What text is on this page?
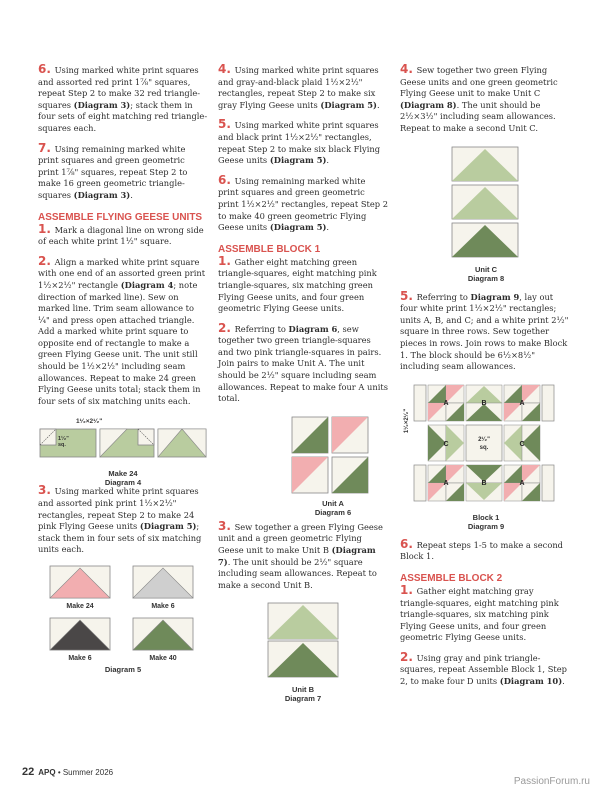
6. Using marked white print squares and assorted red print 1⁷⁄₈" squares, repeat Step 2 to make 32 red triangle-squares (Diagram 3); stack them in four sets of eight matching red triangle-squares each.

7. Using remaining marked white print squares and green geometric print 1⁷⁄₈" squares, repeat Step 2 to make 16 green geometric triangle-squares (Diagram 3).

ASSEMBLE FLYING GEESE UNITS

1. Mark a diagonal line on wrong side of each white print 1¹⁄₂" square.

2. Align a marked white print square with one end of an assorted green print 1¹⁄₂×2¹⁄₂" rectangle (Diagram 4; note direction of marked line). Sew on marked line. Trim seam allowance to ¹⁄₄" and press open attached triangle. Add a marked white print square to opposite end of rectangle to make a green Flying Geese unit. The unit still should be 1¹⁄₂×2¹⁄₂" including seam allowances. Repeat to make 24 green Flying Geese units total; stack them in four sets of six matching units each.

1¹⁄₂×2¹⁄₂"
1¹⁄₂"
sq.
Make 24
Diagram 4

3. Using marked white print squares and assorted pink print 1¹⁄₂×2¹⁄₂" rectangles, repeat Step 2 to make 24 pink Flying Geese units (Diagram 5); stack them in four sets of six matching units each.

Make 24	Make 6
Make 6	Make 40
Diagram 5

4. Using marked white print squares and gray-and-black plaid 1¹⁄₂×2¹⁄₂" rectangles, repeat Step 2 to make six gray Flying Geese units (Diagram 5).

5. Using marked white print squares and black print 1¹⁄₂×2¹⁄₂" rectangles, repeat Step 2 to make six black Flying Geese units (Diagram 5).

6. Using remaining marked white print squares and green geometric print 1¹⁄₂×2¹⁄₂" rectangles, repeat Step 2 to make 40 green geometric Flying Geese units (Diagram 5).

ASSEMBLE BLOCK 1

1. Gather eight matching green triangle-squares, eight matching pink triangle-squares, six matching green Flying Geese units, and four green geometric Flying Geese units.

2. Referring to Diagram 6, sew together two green triangle-squares and two pink triangle-squares in pairs. Join pairs to make Unit A. The unit should be 2¹⁄₂" square including seam allowances. Repeat to make four A units total.

Unit A
Diagram 6

3. Sew together a green Flying Geese unit and a green geometric Flying Geese unit to make Unit B (Diagram 7). The unit should be 2¹⁄₂" square including seam allowances. Repeat to make a second Unit B.

Unit B
Diagram 7

4. Sew together two green Flying Geese units and one green geometric Flying Geese unit to make Unit C (Diagram 8). The unit should be 2¹⁄₂×3¹⁄₂" including seam allowances. Repeat to make a second Unit C.

Unit C
Diagram 8

5. Referring to Diagram 9, lay out four white print 1¹⁄₂×2¹⁄₂" rectangles; units A, B, and C; and a white print 2¹⁄₂" square in three rows. Sew together pieces in rows. Join rows to make Block 1. The block should be 6¹⁄₂×8¹⁄₂" including seam allowances.

1¹⁄₂×2¹⁄₂"
A	B	A
C
2¹⁄₂"
sq.	C
A	B	A
Block 1
Diagram 9

6. Repeat steps 1-5 to make a second Block 1.

ASSEMBLE BLOCK 2

1. Gather eight matching gray triangle-squares, eight matching pink triangle-squares, six matching pink Flying Geese units, and four green geometric Flying Geese units.

2. Using gray and pink triangle-squares, repeat Assemble Block 1, Step 2, to make four D units (Diagram 10).

22 APQ • Summer 2026
PassionForum.ru
